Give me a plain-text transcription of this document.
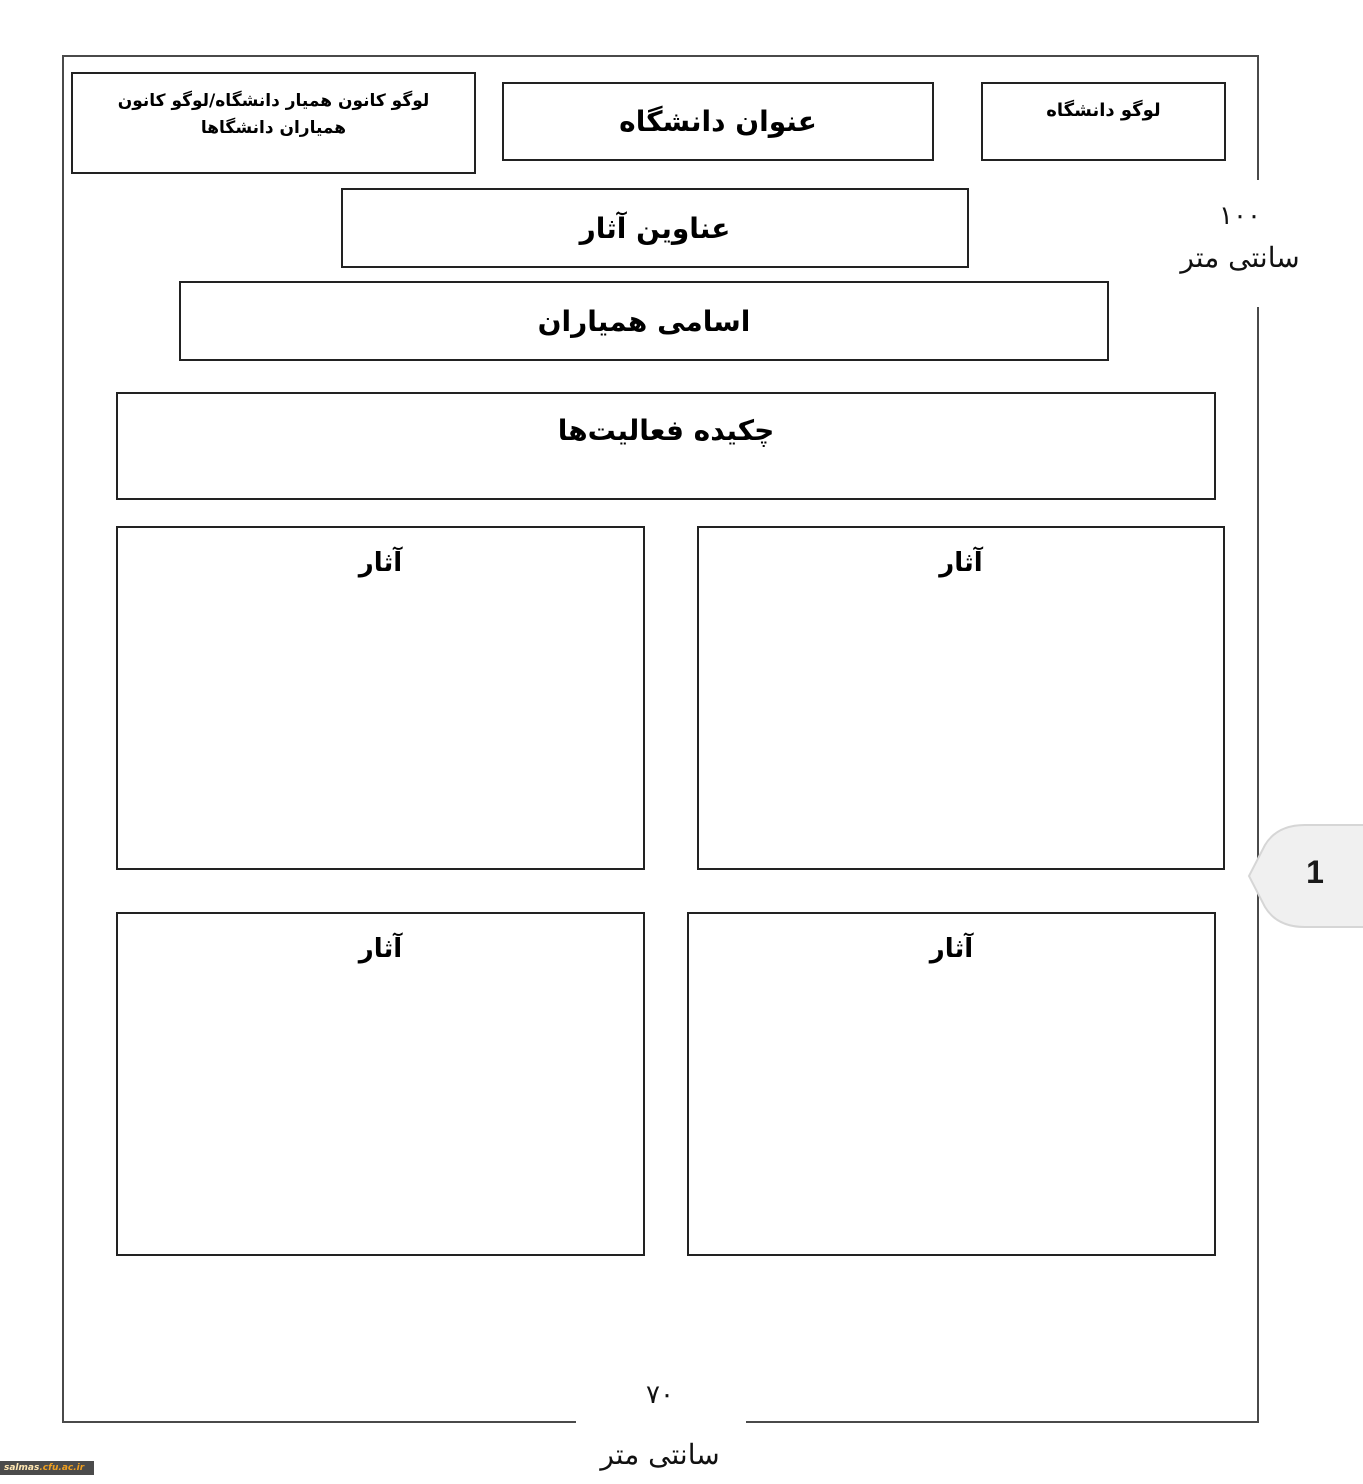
لوگو کانون همیار دانشگاه/لوگو کانون همیاران دانشگاها	عنوان دانشگاه	لوگو دانشگاه
عناوین آثار
اسامی همیاران
چکیده فعالیت‌ها
آثار
آثار
آثار
آثار
۱۰۰
سانتی متر
۷۰
سانتی متر
1
salmas.cfu.ac.ir
